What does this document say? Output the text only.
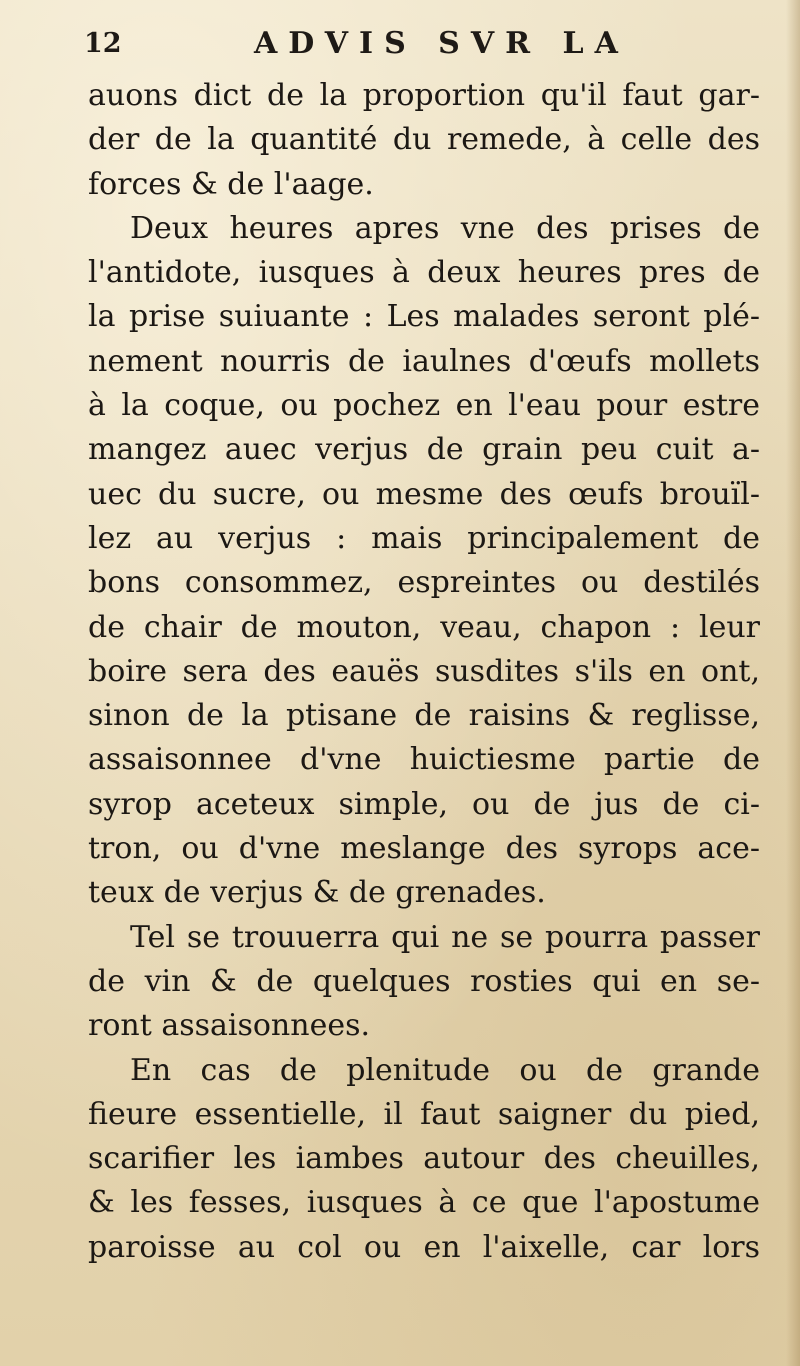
12	ADVIS SVR LA
auons dict de la proportion qu'il faut gar-
der de la quantité du remede, à celle des
forces & de l'aage.
Deux heures apres vne des prises de
l'antidote, iusques à deux heures pres de
la prise suiuante : Les malades seront plé-
nement nourris de iaulnes d'œufs mollets
à la coque, ou pochez en l'eau pour estre
mangez auec verjus de grain peu cuit a-
uec du sucre, ou mesme des œufs brouïl-
lez au verjus : mais principalement de
bons consommez, espreintes ou destilés
de chair de mouton, veau, chapon : leur
boire sera des eauës susdites s'ils en ont,
sinon de la ptisane de raisins & reglisse,
assaisonnee d'vne huictiesme partie de
syrop aceteux simple, ou de jus de ci-
tron, ou d'vne meslange des syrops ace-
teux de verjus & de grenades.
Tel se trouuerra qui ne se pourra passer
de vin & de quelques rosties qui en se-
ront assaisonnees.
En cas de plenitude ou de grande
fieure essentielle, il faut saigner du pied,
scarifier les iambes autour des cheuilles,
& les fesses, iusques à ce que l'apostume
paroisse au col ou en l'aixelle, car lors
